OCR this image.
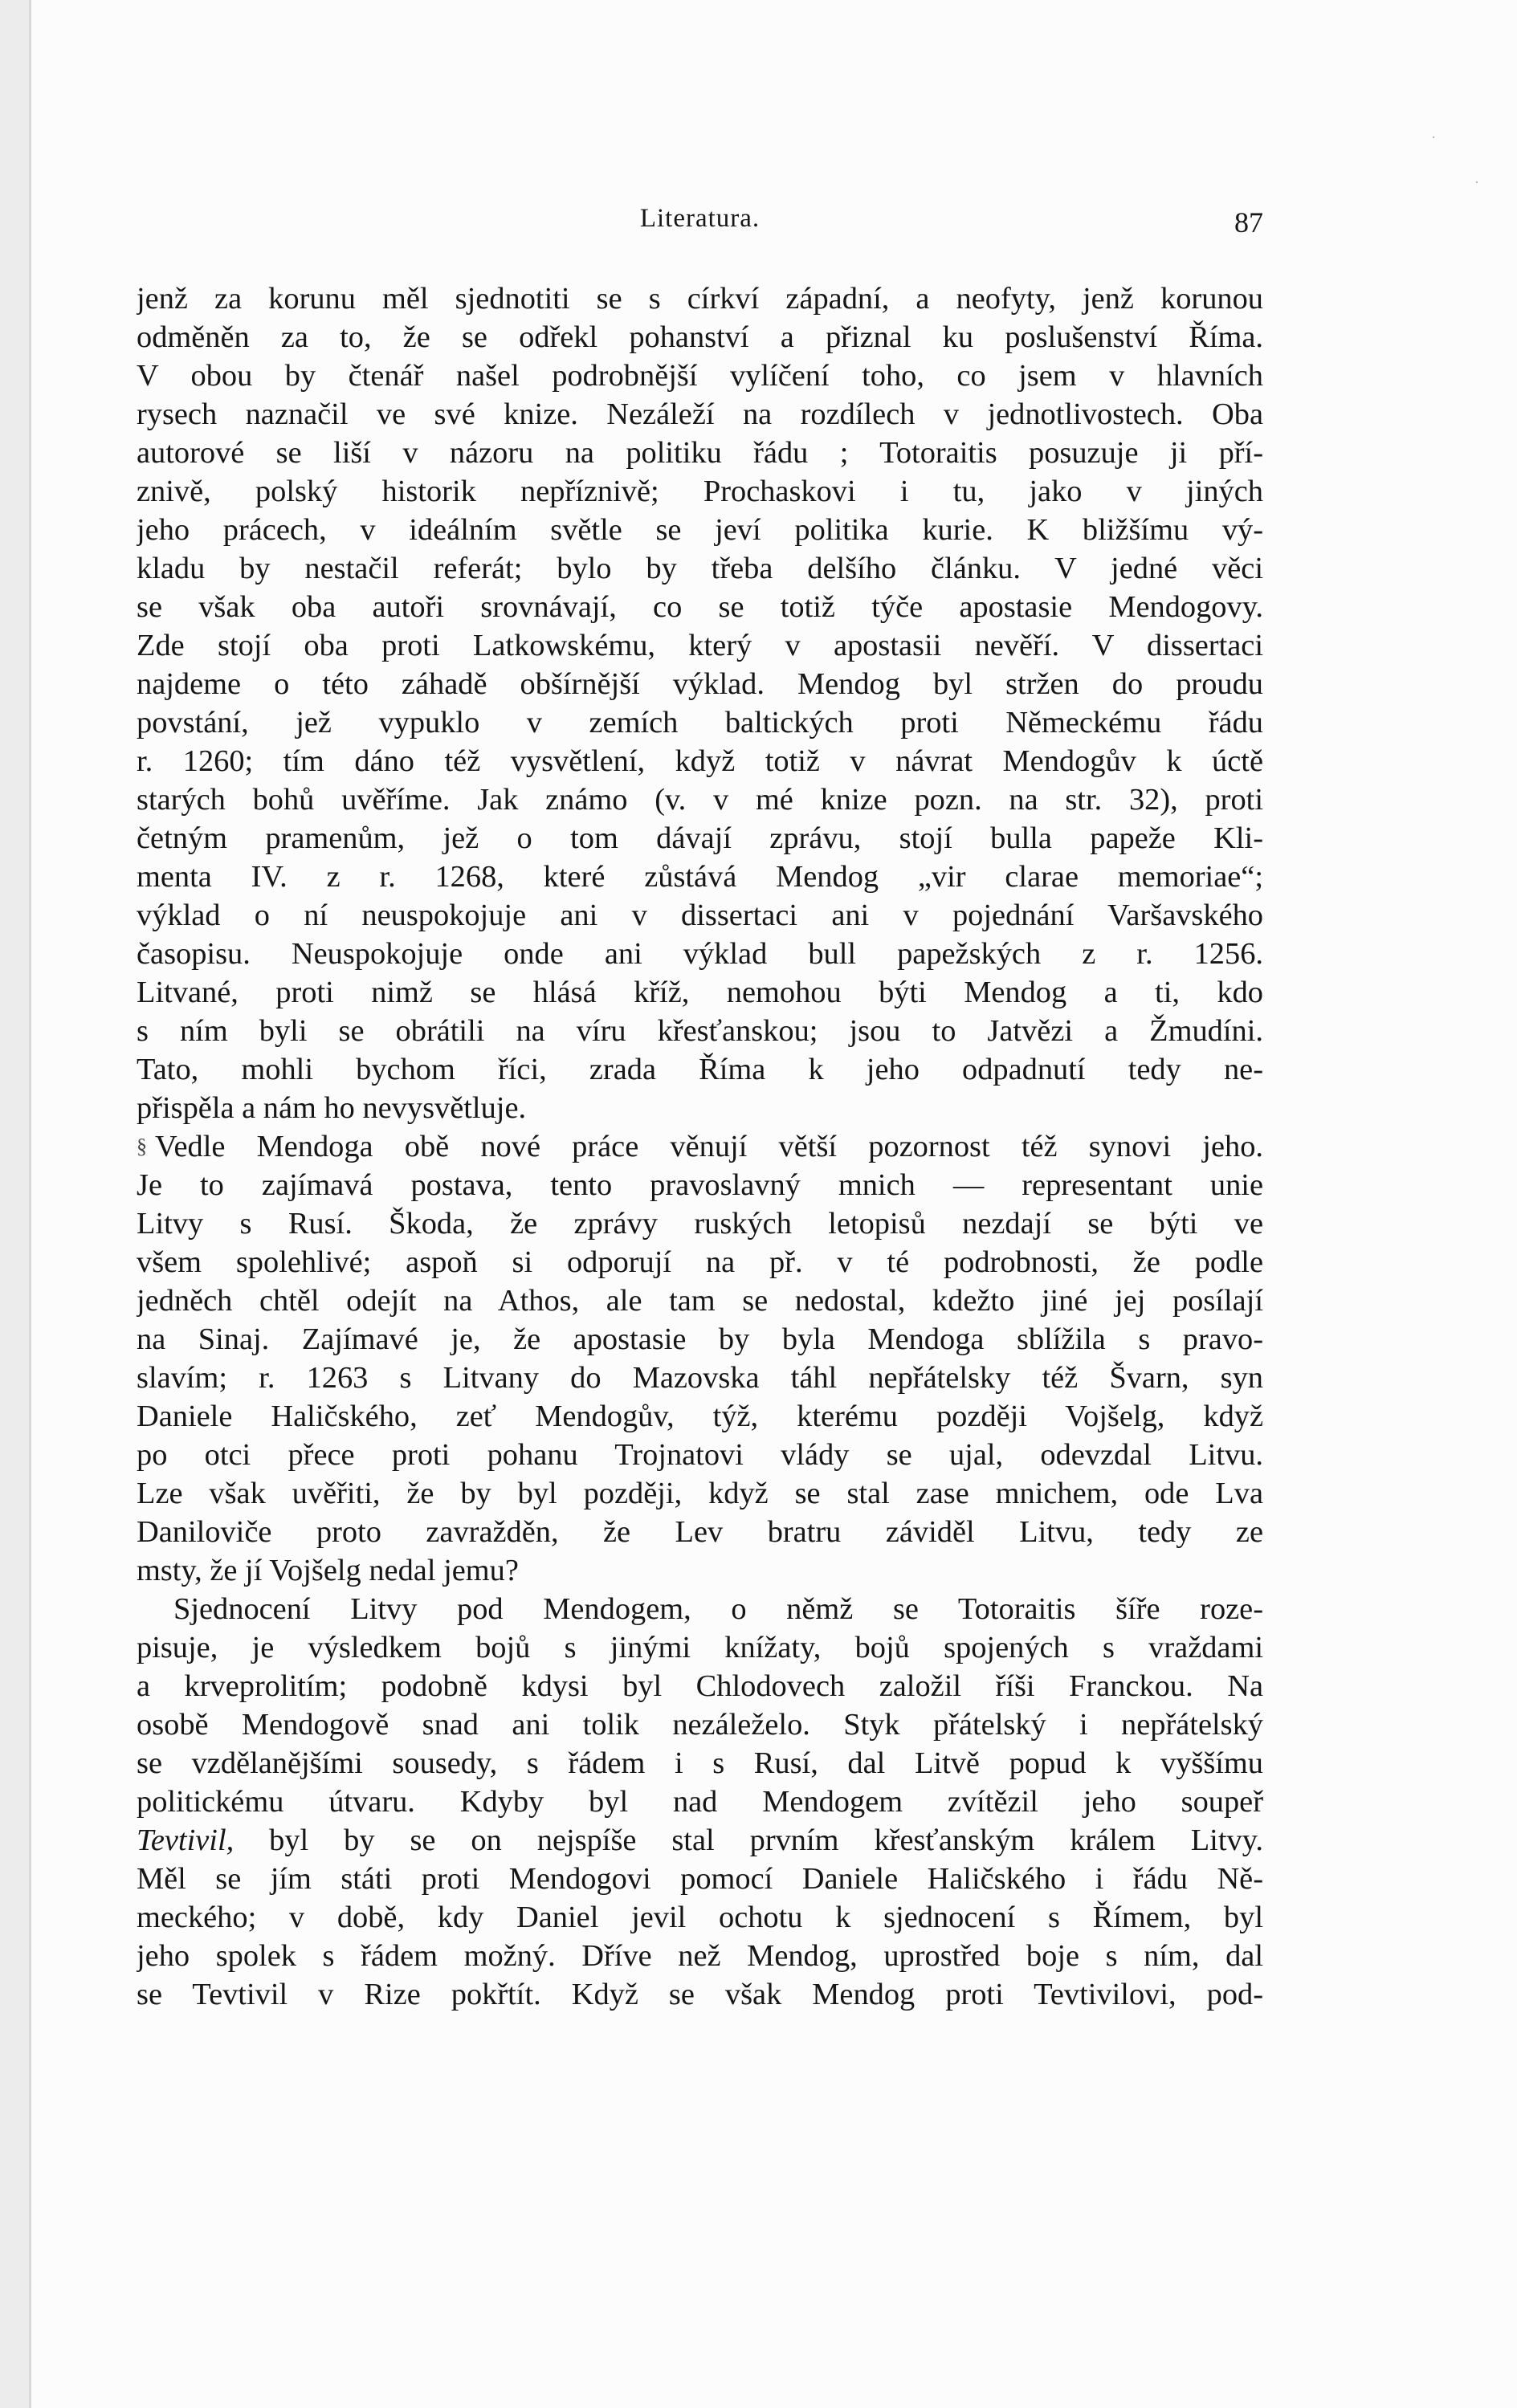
Literatura.	87
jenž za korunu měl sjednotiti se s církví západní, a neofyty, jenž korunou
odměněn za to, že se odřekl pohanství a přiznal ku poslušenství Říma.
V obou by čtenář našel podrobnější vylíčení toho, co jsem v hlavních
rysech naznačil ve své knize. Nezáleží na rozdílech v jednotlivostech. Oba
autorové se liší v názoru na politiku řádu ; Totoraitis posuzuje ji pří-
znivě, polský historik nepříznivě; Prochaskovi i tu, jako v jiných
jeho prácech, v ideálním světle se jeví politika kurie. K bližšímu vý-
kladu by nestačil referát; bylo by třeba delšího článku. V jedné věci
se však oba autoři srovnávají, co se totiž týče apostasie Mendogovy.
Zde stojí oba proti Latkowskému, který v apostasii nevěří. V dissertaci
najdeme o této záhadě obšírnější výklad. Mendog byl stržen do proudu
povstání, jež vypuklo v zemích baltických proti Německému řádu
r. 1260; tím dáno též vysvětlení, když totiž v návrat Mendogův k úctě
starých bohů uvěříme. Jak známo (v. v mé knize pozn. na str. 32), proti
četným pramenům, jež o tom dávají zprávu, stojí bulla papeže Kli-
menta IV. z r. 1268, které zůstává Mendog „vir clarae memoriae“;
výklad o ní neuspokojuje ani v dissertaci ani v pojednání Varšavského
časopisu. Neuspokojuje onde ani výklad bull papežských z r. 1256.
Litvané, proti nimž se hlásá kříž, nemohou býti Mendog a ti, kdo
s ním byli se obrátili na víru křesťanskou; jsou to Jatvězi a Žmudíni.
Tato, mohli bychom říci, zrada Říma k jeho odpadnutí tedy ne-
přispěla a nám ho nevysvětluje.
§ Vedle Mendoga obě nové práce věnují větší pozornost též synovi jeho.
Je to zajímavá postava, tento pravoslavný mnich — representant unie
Litvy s Rusí. Škoda, že zprávy ruských letopisů nezdají se býti ve
všem spolehlivé; aspoň si odporují na př. v té podrobnosti, že podle
jedněch chtěl odejít na Athos, ale tam se nedostal, kdežto jiné jej posílají
na Sinaj. Zajímavé je, že apostasie by byla Mendoga sblížila s pravo-
slavím; r. 1263 s Litvany do Mazovska táhl nepřátelsky též Švarn, syn
Daniele Haličského, zeť Mendogův, týž, kterému později Vojšelg, když
po otci přece proti pohanu Trojnatovi vlády se ujal, odevzdal Litvu.
Lze však uvěřiti, že by byl později, když se stal zase mnichem, ode Lva
Daniloviče proto zavražděn, že Lev bratru záviděl Litvu, tedy ze
msty, že jí Vojšelg nedal jemu?
Sjednocení Litvy pod Mendogem, o němž se Totoraitis šíře roze-
pisuje, je výsledkem bojů s jinými knížaty, bojů spojených s vraždami
a krveprolitím; podobně kdysi byl Chlodovech založil říši Franckou. Na
osobě Mendogově snad ani tolik nezáleželo. Styk přátelský i nepřátelský
se vzdělanějšími sousedy, s řádem i s Rusí, dal Litvě popud k vyššímu
politickému útvaru. Kdyby byl nad Mendogem zvítězil jeho soupeř
Tevtivil, byl by se on nejspíše stal prvním křesťanským králem Litvy.
Měl se jím státi proti Mendogovi pomocí Daniele Haličského i řádu Ně-
meckého; v době, kdy Daniel jevil ochotu k sjednocení s Římem, byl
jeho spolek s řádem možný. Dříve než Mendog, uprostřed boje s ním, dal
se Tevtivil v Rize pokřtít. Když se však Mendog proti Tevtivilovi, pod-
